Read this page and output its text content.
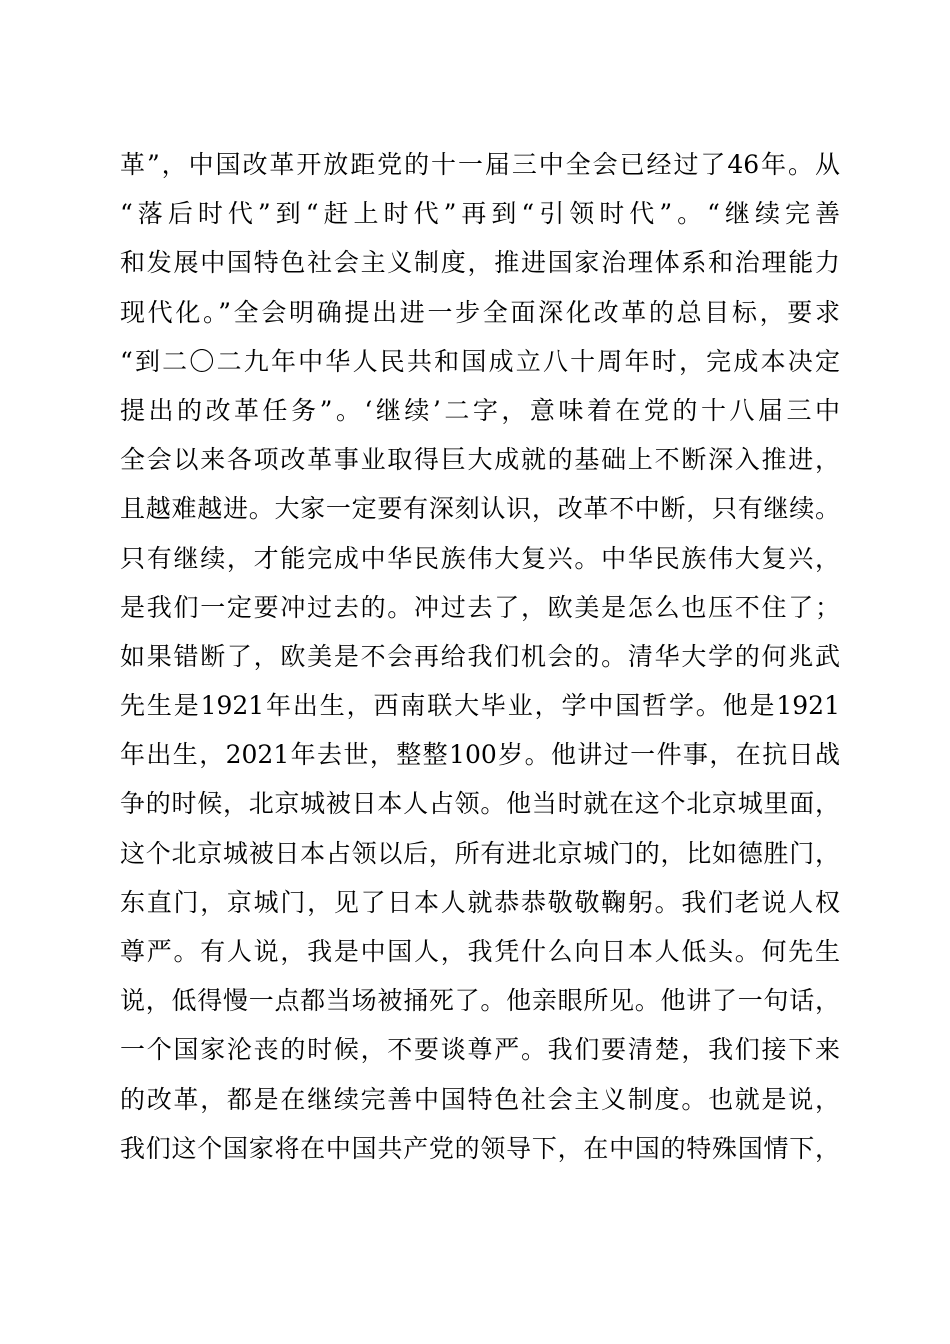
革”，中国改革开放距党的十一届三中全会已经过了46年。从
“落后时代”到“赶上时代”再到“引领时代”。“继续完善
和发展中国特色社会主义制度，推进国家治理体系和治理能力
现代化。”全会明确提出进一步全面深化改革的总目标，要求
“到二〇二九年中华人民共和国成立八十周年时，完成本决定
提出的改革任务”。‘继续’二字，意味着在党的十八届三中
全会以来各项改革事业取得巨大成就的基础上不断深入推进，
且越难越进。大家一定要有深刻认识，改革不中断，只有继续。
只有继续，才能完成中华民族伟大复兴。中华民族伟大复兴，
是我们一定要冲过去的。冲过去了，欧美是怎么也压不住了；
如果错断了，欧美是不会再给我们机会的。清华大学的何兆武
先生是1921年出生，西南联大毕业，学中国哲学。他是1921
年出生，2021年去世，整整100岁。他讲过一件事，在抗日战
争的时候，北京城被日本人占领。他当时就在这个北京城里面，
这个北京城被日本占领以后，所有进北京城门的，比如德胜门，
东直门，京城门，见了日本人就恭恭敬敬鞠躬。我们老说人权
尊严。有人说，我是中国人，我凭什么向日本人低头。何先生
说，低得慢一点都当场被捅死了。他亲眼所见。他讲了一句话，
一个国家沦丧的时候，不要谈尊严。我们要清楚，我们接下来
的改革，都是在继续完善中国特色社会主义制度。也就是说，
我们这个国家将在中国共产党的领导下，在中国的特殊国情下，
